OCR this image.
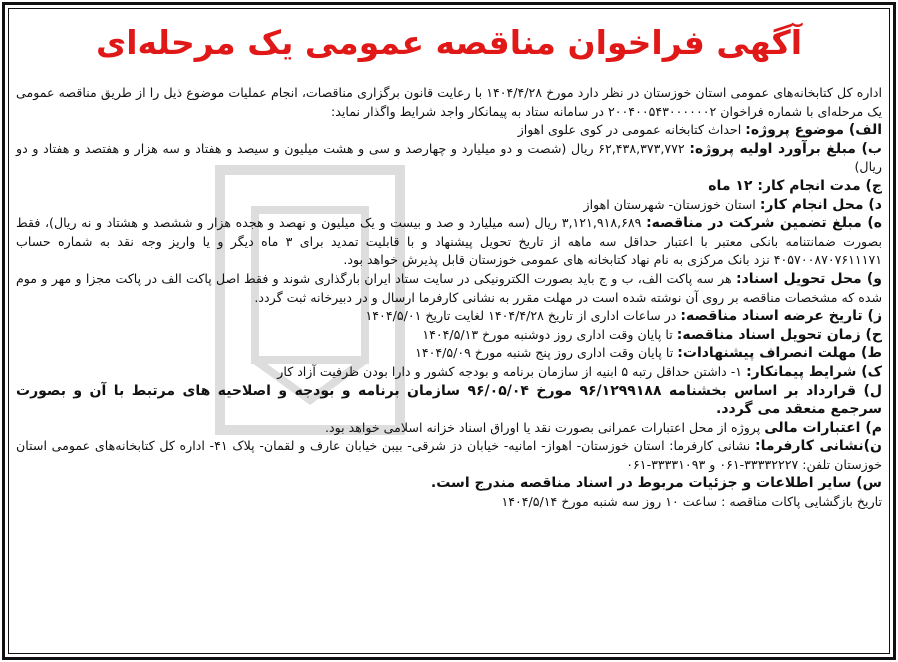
آگهی فراخوان مناقصه عمومی یک مرحله‌ای

اداره کل کتابخانه‌های عمومی استان خوزستان در نظر دارد مورخ ۱۴۰۴/۴/۲۸ با رعایت قانون برگزاری مناقصات، انجام عملیات موضوع ذیل را از طریق مناقصه عمومی یک مرحله‌ای با شماره فراخوان ۲۰۰۴۰۰۵۴۳۰۰۰۰۰۰۲ در سامانه ستاد به پیمانکار واجد شرایط واگذار نماید:

الف) موضوع پروژه: احداث کتابخانه عمومی در کوی علوی اهواز

ب) مبلغ برآورد اولیه پروژه: ۶۲,۴۳۸,۳۷۳,۷۷۲ ریال (شصت و دو میلیارد و چهارصد و سی و هشت میلیون و سیصد و هفتاد و سه هزار و هفتصد و هفتاد و دو ریال)

ج) مدت انجام کار: ۱۲ ماه

د) محل انجام کار: استان خوزستان- شهرستان اهواز

ه) مبلغ تضمین شرکت در مناقصه: ۳,۱۲۱,۹۱۸,۶۸۹ ریال (سه میلیارد و صد و بیست و یک میلیون و نهصد و هجده هزار و ششصد و هشتاد و نه ریال)، فقط بصورت ضمانتنامه بانکی معتبر با اعتبار حداقل سه ماهه از تاریخ تحویل پیشنهاد و با قابلیت تمدید برای ۳ ماه دیگر و یا واریز وجه نقد به شماره حساب ۴۰۵۷۰۰۸۷۰۷۶۱۱۱۷۱ نزد بانک مرکزی به نام نهاد کتابخانه های عمومی خوزستان قابل پذیرش خواهد بود.

و) محل تحویل اسناد: هر سه پاکت الف، ب و ج باید بصورت الکترونیکی در سایت ستاد ایران بارگذاری شوند و فقط اصل پاکت الف در پاکت مجزا و مهر و موم شده که مشخصات مناقصه بر روی آن نوشته شده است در مهلت مقرر به نشانی کارفرما ارسال و در دبیرخانه ثبت گردد.

ز) تاریخ عرضه اسناد مناقصه: در ساعات اداری از تاریخ ۱۴۰۴/۴/۲۸ لغایت تاریخ ۱۴۰۴/۵/۰۱

ح) زمان تحویل اسناد مناقصه: تا پایان وقت اداری روز دوشنبه مورخ ۱۴۰۴/۵/۱۳

ط) مهلت انصراف پیشنهادات: تا پایان وقت اداری روز پنج شنبه مورخ ۱۴۰۴/۵/۰۹

ک) شرایط پیمانکار: ۱- داشتن حداقل رتبه ۵ ابنیه از سازمان برنامه و بودجه کشور و دارا بودن ظرفیت آزاد کار

ل) قرارداد بر اساس بخشنامه ۹۶/۱۲۹۹۱۸۸ مورخ ۹۶/۰۵/۰۴ سازمان برنامه و بودجه و اصلاحیه های مرتبط با آن و بصورت سرجمع منعقد می گردد.

م) اعتبارات مالی پروژه از محل اعتبارات عمرانی بصورت نقد یا اوراق اسناد خزانه اسلامی خواهد بود.

ن)نشانی کارفرما: نشانی کارفرما: استان خوزستان- اهواز- امانیه- خیابان دز شرقی- بیبن خیابان عارف و لقمان- پلاک ۴۱- اداره کل کتابخانه‌های عمومی استان خوزستان تلفن: ۳۳۳۳۲۲۲۷-۰۶۱ و ۳۳۳۳۱۰۹۳-۰۶۱

س) سایر اطلاعات و جزئیات مربوط در اسناد مناقصه مندرج است.

تاریخ بازگشایی پاکات مناقصه : ساعت ۱۰ روز سه شنبه مورخ ۱۴۰۴/۵/۱۴
